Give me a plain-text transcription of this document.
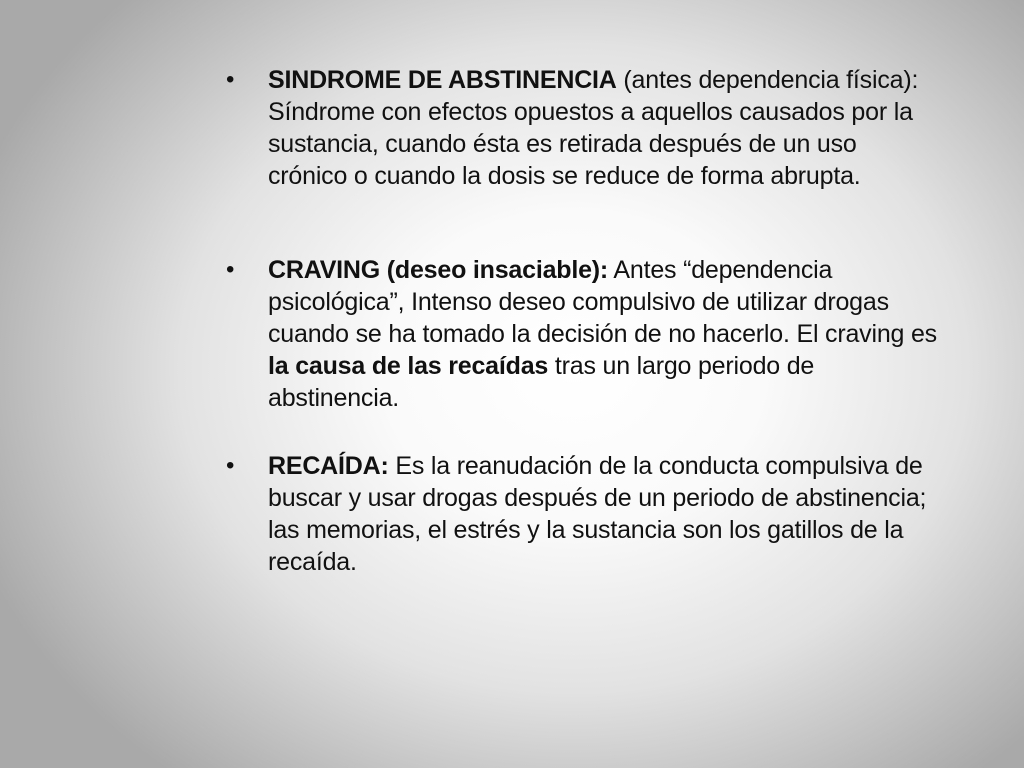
• SINDROME DE ABSTINENCIA (antes dependencia física): Síndrome con efectos opuestos a aquellos causados por la sustancia, cuando ésta es retirada después de un uso crónico o cuando la dosis se reduce de forma abrupta.
• CRAVING (deseo insaciable): Antes “dependencia psicológica”, Intenso deseo compulsivo de utilizar drogas cuando se ha tomado la decisión de no hacerlo. El craving es la causa de las recaídas tras un largo periodo de abstinencia.
• RECAÍDA: Es la reanudación de la conducta compulsiva de buscar y usar drogas después de un periodo de abstinencia; las memorias, el estrés y la sustancia son los gatillos de la recaída.
